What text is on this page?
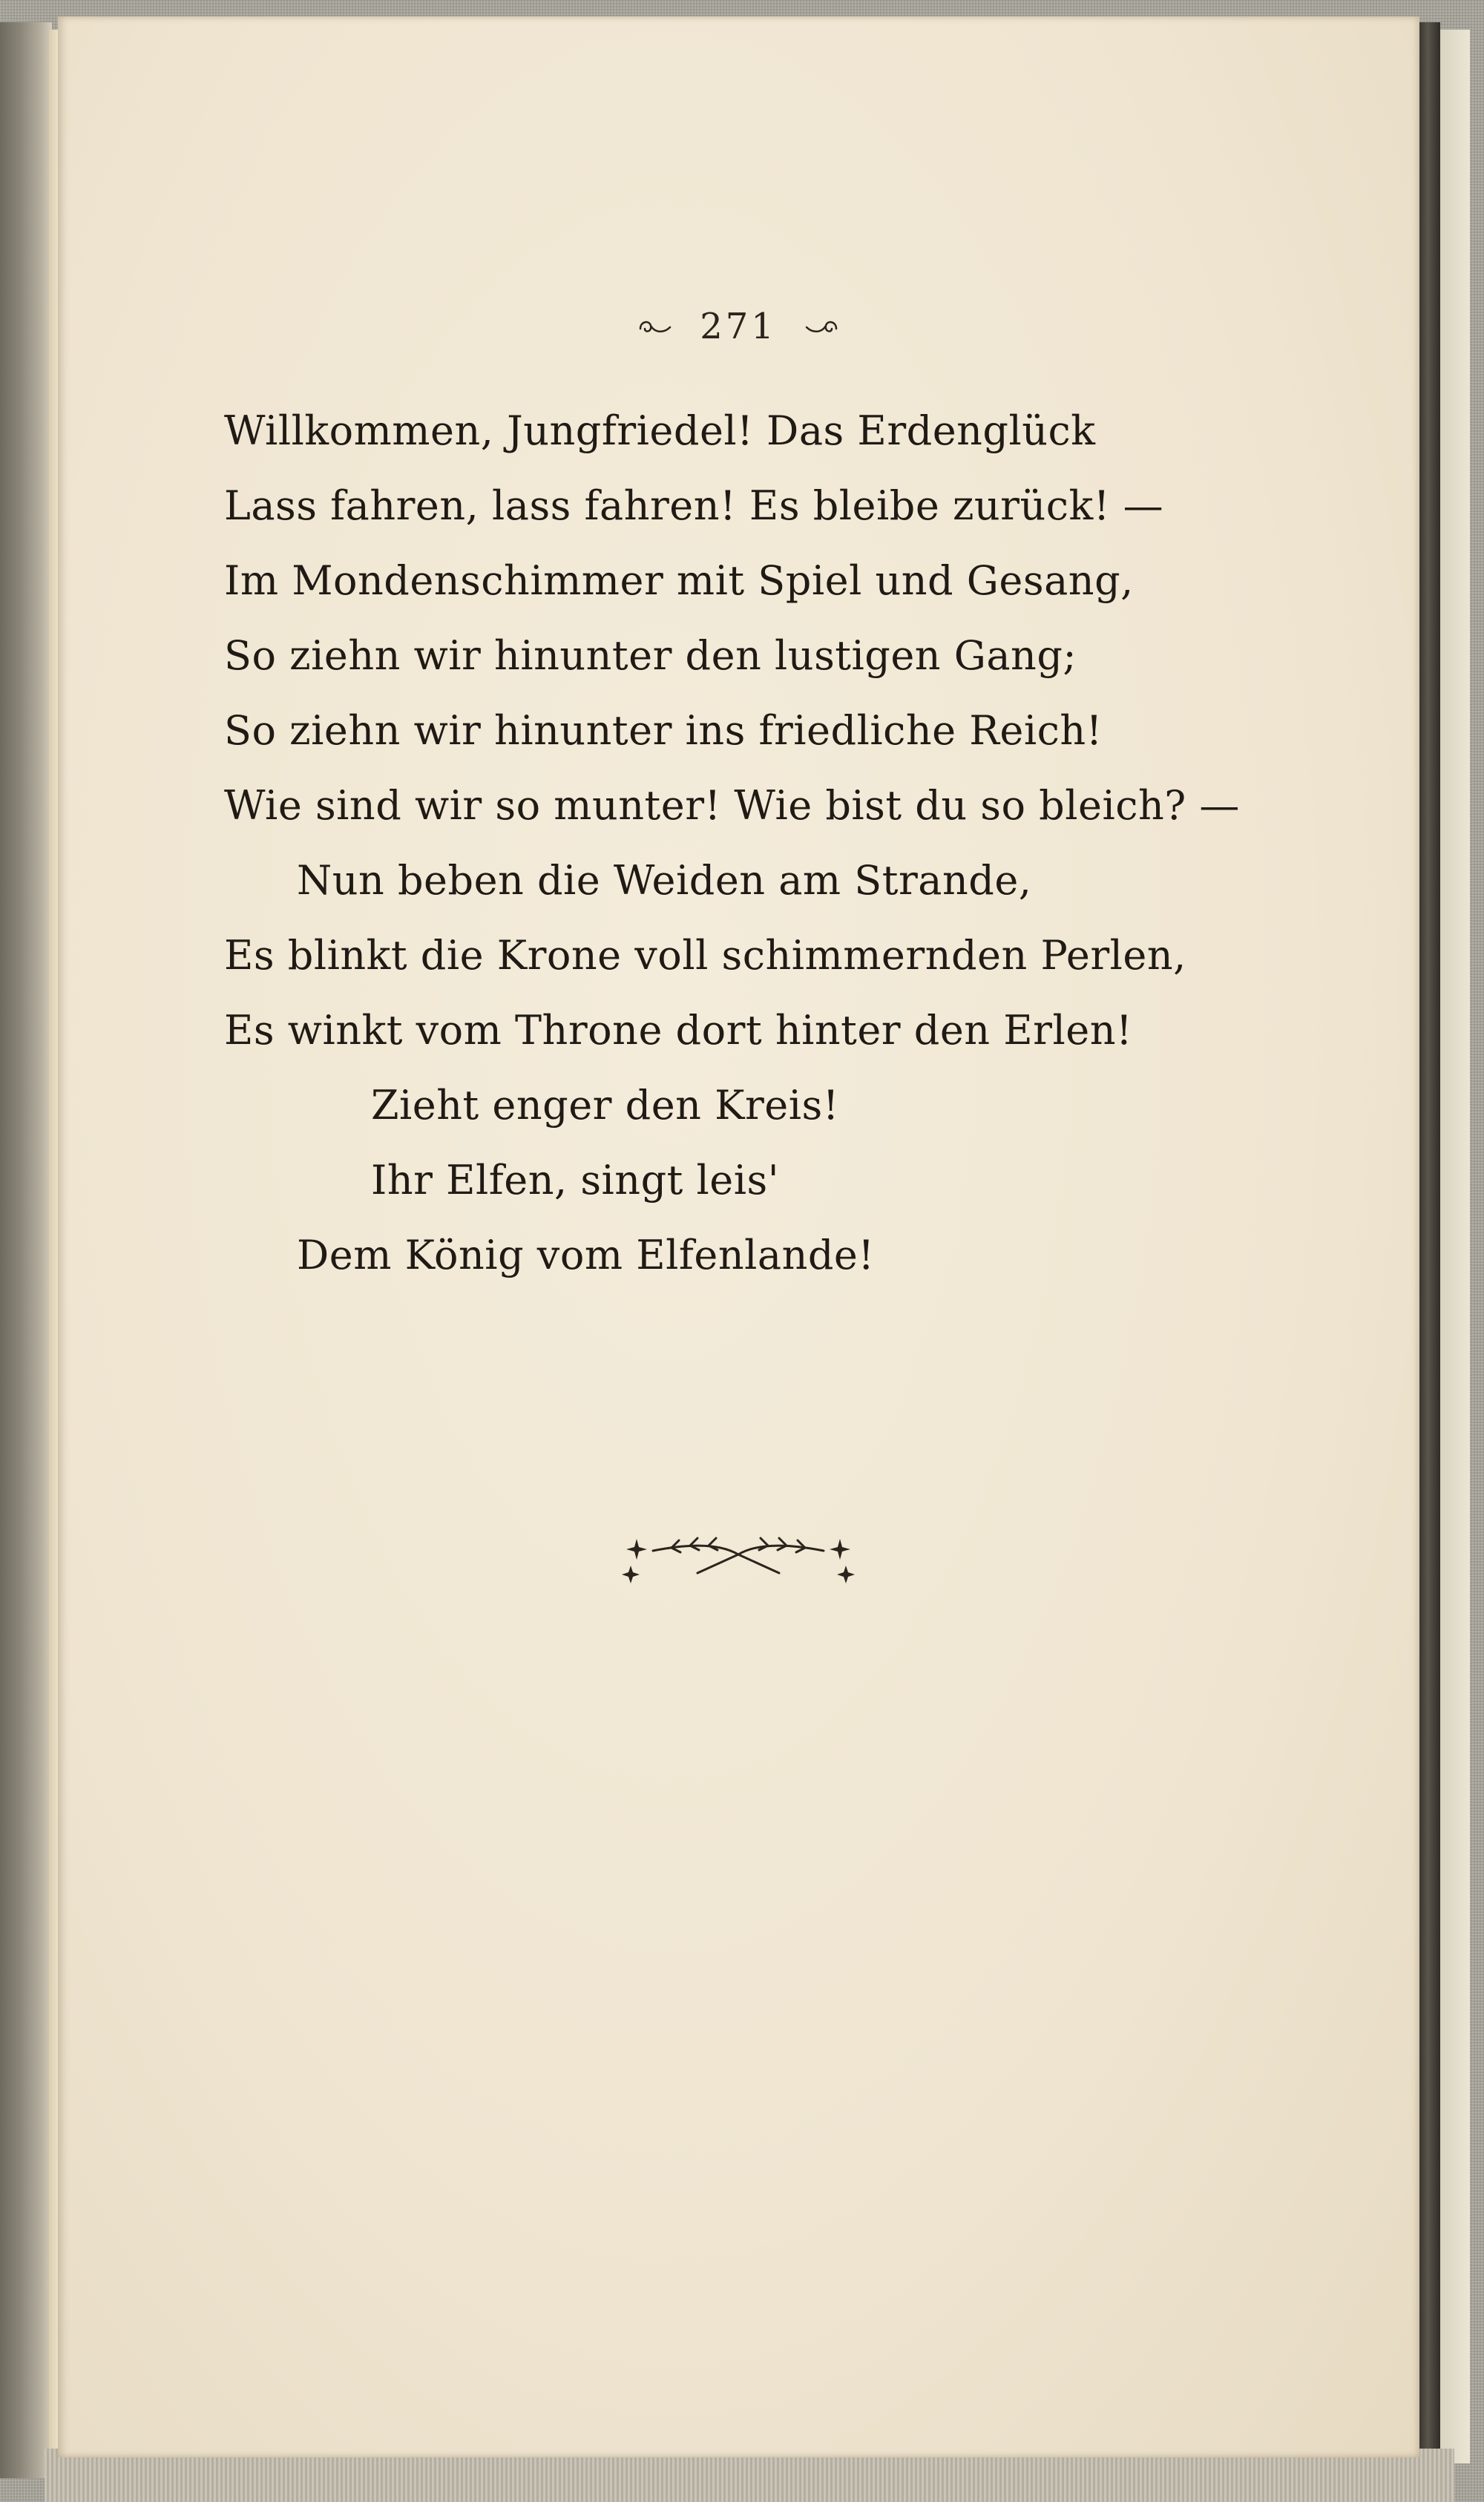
271
Willkommen, Jungfriedel! Das Erdenglück
Lass fahren, lass fahren! Es bleibe zurück! —
Im Mondenschimmer mit Spiel und Gesang,
So ziehn wir hinunter den lustigen Gang;
So ziehn wir hinunter ins friedliche Reich!
Wie sind wir so munter! Wie bist du so bleich? —
Nun beben die Weiden am Strande,
Es blinkt die Krone voll schimmernden Perlen,
Es winkt vom Throne dort hinter den Erlen!
Zieht enger den Kreis!
Ihr Elfen, singt leis'
Dem König vom Elfenlande!
